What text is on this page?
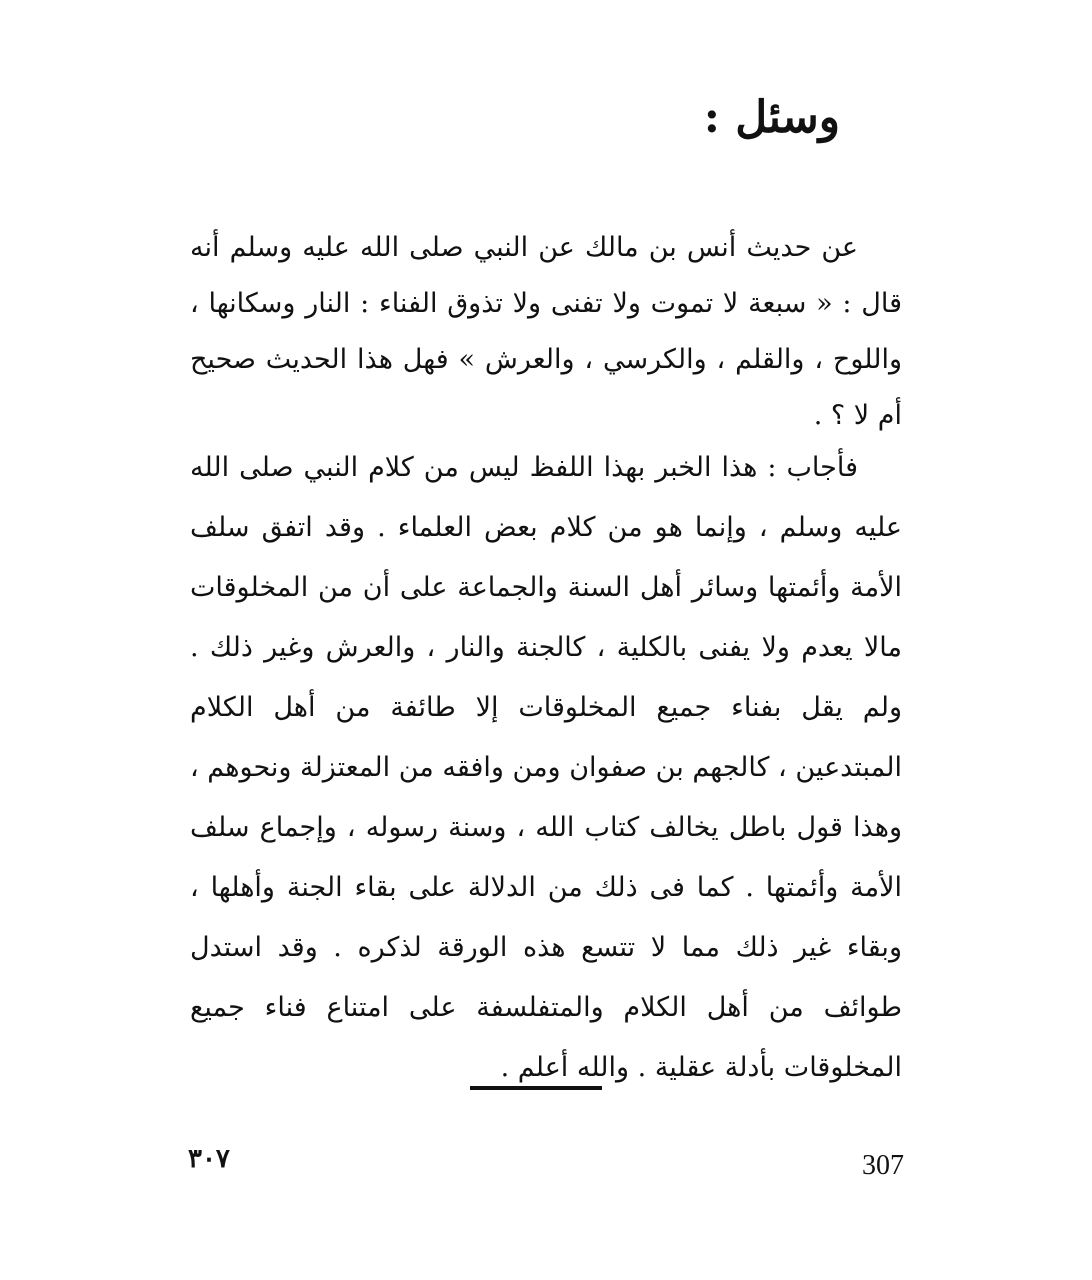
وسئل :

عن حديث أنس بن مالك عن النبي صلى الله عليه وسلم أنه قال : « سبعة لا تموت ولا تفنى ولا تذوق الفناء : النار وسكانها ، واللوح ، والقلم ، والكرسي ، والعرش » فهل هذا الحديث صحيح أم لا ؟ .

فأجاب : هذا الخبر بهذا اللفظ ليس من كلام النبي صلى الله عليه وسلم ، وإنما هو من كلام بعض العلماء . وقد اتفق سلف الأمة وأئمتها وسائر أهل السنة والجماعة على أن من المخلوقات مالا يعدم ولا يفنى بالكلية ، كالجنة والنار ، والعرش وغير ذلك . ولم يقل بفناء جميع المخلوقات إلا طائفة من أهل الكلام المبتدعين ، كالجهم بن صفوان ومن وافقه من المعتزلة ونحوهم ، وهذا قول باطل يخالف كتاب الله ، وسنة رسوله ، وإجماع سلف الأمة وأئمتها . كما فى ذلك من الدلالة على بقاء الجنة وأهلها ، وبقاء غير ذلك مما لا تتسع هذه الورقة لذكره . وقد استدل طوائف من أهل الكلام والمتفلسفة على امتناع فناء جميع المخلوقات بأدلة عقلية . والله أعلم .

٣٠٧	307
